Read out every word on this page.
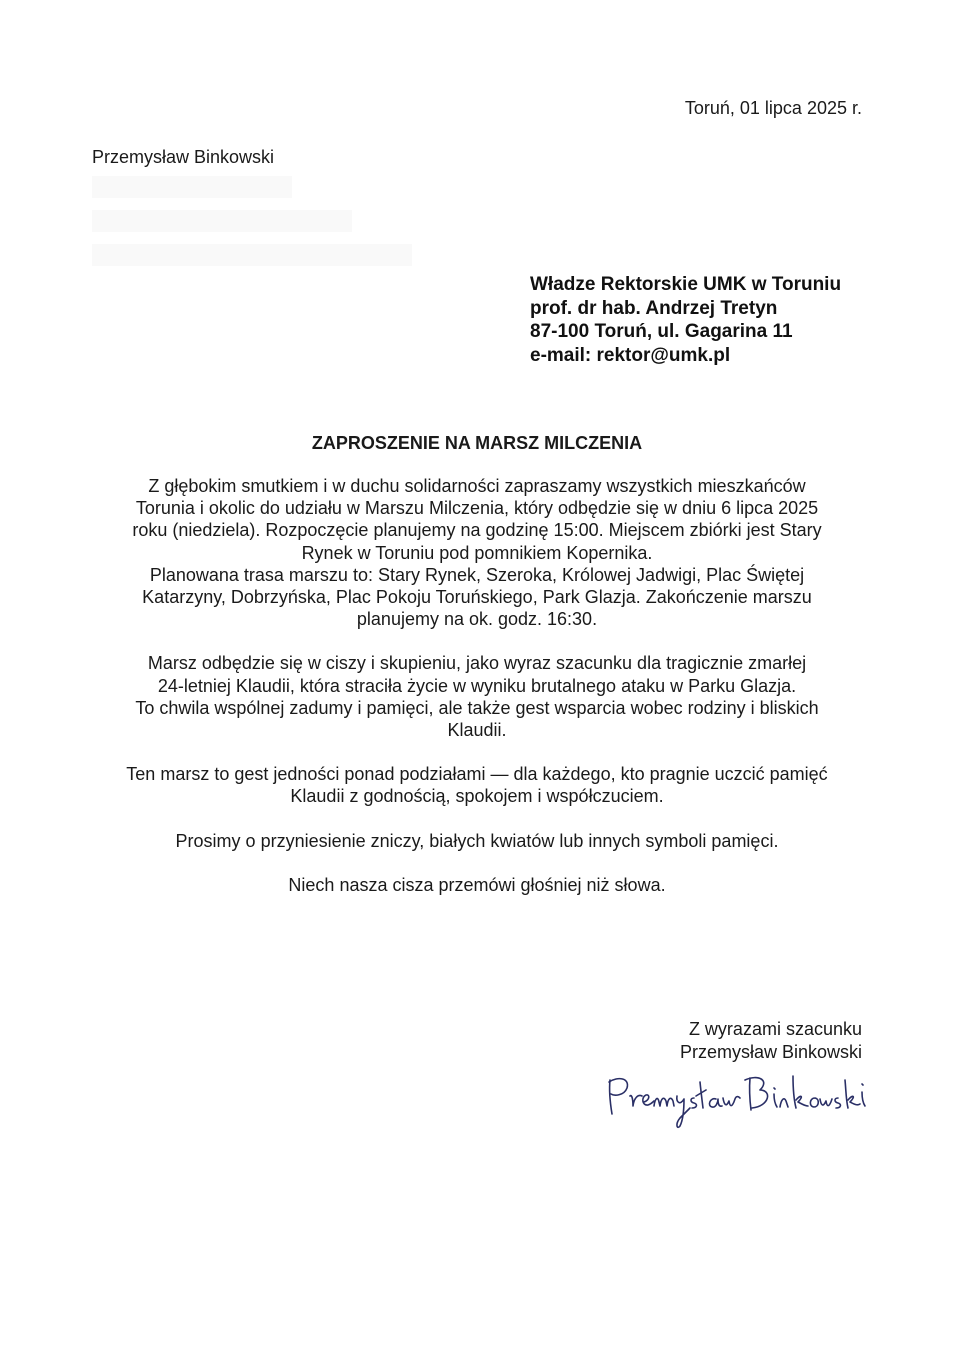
Toruń, 01 lipca 2025 r.
Przemysław Binkowski
Władze Rektorskie UMK w Toruniu
prof. dr hab. Andrzej Tretyn
87-100 Toruń, ul. Gagarina 11
e-mail: rektor@umk.pl
ZAPROSZENIE NA MARSZ MILCZENIA
Z głębokim smutkiem i w duchu solidarności zapraszamy wszystkich mieszkańców
Torunia i okolic do udziału w Marszu Milczenia, który odbędzie się w dniu 6 lipca 2025
roku (niedziela). Rozpoczęcie planujemy na godzinę 15:00. Miejscem zbiórki jest Stary
Rynek w Toruniu pod pomnikiem Kopernika.
Planowana trasa marszu to: Stary Rynek, Szeroka, Królowej Jadwigi, Plac Świętej
Katarzyny, Dobrzyńska, Plac Pokoju Toruńskiego, Park Glazja. Zakończenie marszu
planujemy na ok. godz. 16:30.
Marsz odbędzie się w ciszy i skupieniu, jako wyraz szacunku dla tragicznie zmarłej
24-letniej Klaudii, która straciła życie w wyniku brutalnego ataku w Parku Glazja.
To chwila wspólnej zadumy i pamięci, ale także gest wsparcia wobec rodziny i bliskich
Klaudii.
Ten marsz to gest jedności ponad podziałami — dla każdego, kto pragnie uczcić pamięć
Klaudii z godnością, spokojem i współczuciem.
Prosimy o przyniesienie zniczy, białych kwiatów lub innych symboli pamięci.
Niech nasza cisza przemówi głośniej niż słowa.
Z wyrazami szacunku
Przemysław Binkowski
